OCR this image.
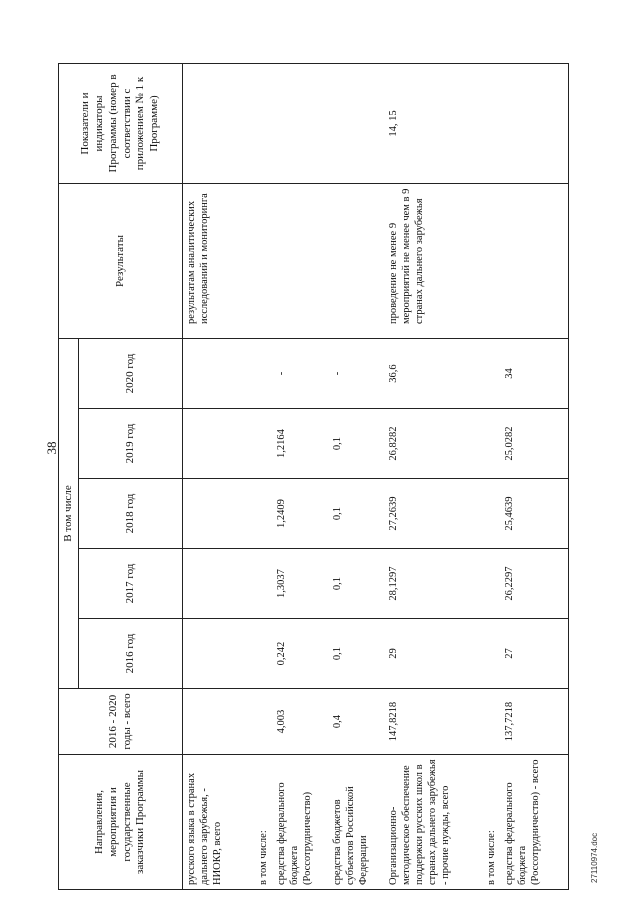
38
Направления, мероприятия и государственные заказчики Программы	2016 - 2020 годы - всего	В том числе					Результаты	Показатели и индикаторы Программы (номер в соответствии с приложением № 1 к Программе)
		2016 год	2017 год	2018 год	2019 год	2020 год		
русского языка в странах дальнего зарубежья, - НИОКР, всего							результатам аналитических исследований и мониторинга	
в том числе:								
средства федерального бюджета (Россотрудничество)	4,003	0,242	1,3037	1,2409	1,2164	-		
средства бюджетов субъектов Российской Федерации	0,4	0,1	0,1	0,1	0,1	-		
Организационно-методическое обеспечение поддержки русских школ в странах дальнего зарубежья - прочие нужды, всего	147,8218	29	28,1297	27,2639	26,8282	36,6	проведение не менее 9 мероприятий не менее чем в 9 странах дальнего зарубежья	14, 15
в том числе:								
средства федерального бюджета (Россотрудничество) - всего	137,7218	27	26,2297	25,4639	25,0282	34		
27110974.doc
